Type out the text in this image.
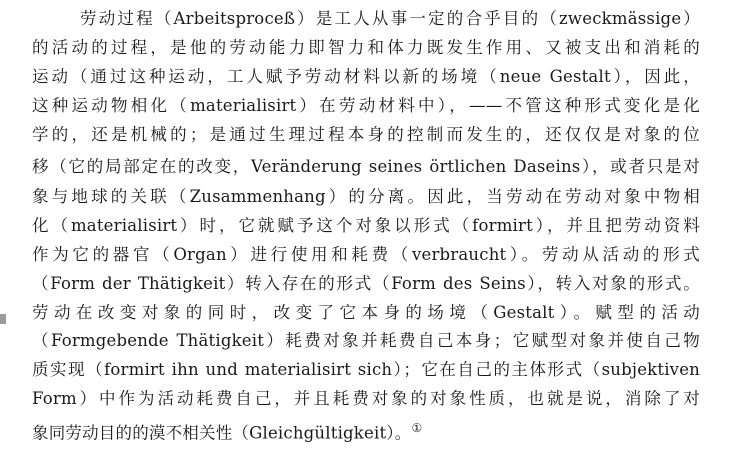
劳动过程（Arbeitsproceß）是工人从事一定的合乎目的（zweckmässige）
的活动的过程，是他的劳动能力即智力和体力既发生作用、又被支出和消耗的
运动（通过这种运动，工人赋予劳动材料以新的场境（neue Gestalt），因此，
这种运动物相化（materialisirt）在劳动材料中），——不管这种形式变化是化
学的，还是机械的；是通过生理过程本身的控制而发生的，还仅仅是对象的位
移（它的局部定在的改变，Veränderung seines örtlichen Daseins），或者只是对
象与地球的关联（Zusammenhang）的分离。因此，当劳动在劳动对象中物相
化（materialisirt）时，它就赋予这个对象以形式（formirt），并且把劳动资料
作为它的器官（Organ）进行使用和耗费（verbraucht）。劳动从活动的形式
（Form der Thätigkeit）转入存在的形式（Form des Seins），转入对象的形式。
劳动在改变对象的同时，改变了它本身的场境（Gestalt）。赋型的活动
（Formgebende Thätigkeit）耗费对象并耗费自己本身；它赋型对象并使自己物
质实现（formirt ihn und materialisirt sich）；它在自己的主体形式（subjektiven
Form）中作为活动耗费自己，并且耗费对象的对象性质，也就是说，消除了对
象同劳动目的的漠不相关性（Gleichgültigkeit）。①
